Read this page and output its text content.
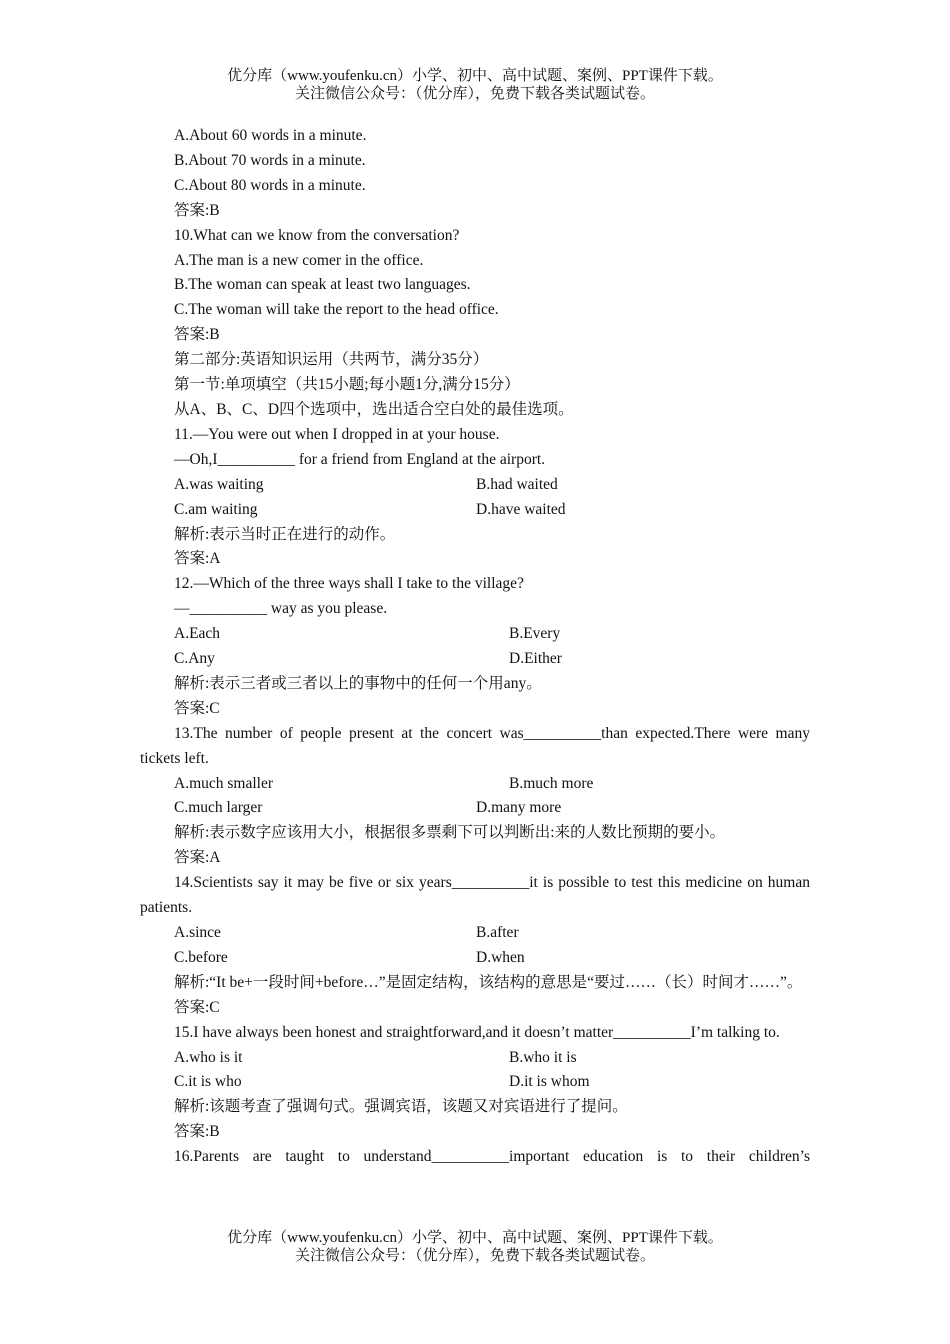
优分库（www.youfenku.cn）小学、初中、高中试题、案例、PPT课件下载。
关注微信公众号：（优分库），免费下载各类试题试卷。
A.About 60 words in a minute.
B.About 70 words in a minute.
C.About 80 words in a minute.
答案:B
10.What can we know from the conversation?
A.The man is a new comer in the office.
B.The woman can speak at least two languages.
C.The woman will take the report to the head office.
答案:B
第二部分:英语知识运用（共两节，满分35分）
第一节:单项填空（共15小题;每小题1分,满分15分）
从A、B、C、D四个选项中，选出适合空白处的最佳选项。
11.—You were out when I dropped in at your house.
—Oh,I__________ for a friend from England at the airport.
A.was waiting	B.had waited
C.am waiting	D.have waited
解析:表示当时正在进行的动作。
答案:A
12.—Which of the three ways shall I take to the village?
—__________ way as you please.
A.Each	B.Every
C.Any	D.Either
解析:表示三者或三者以上的事物中的任何一个用any。
答案:C
13.The number of people present at the concert was__________than expected.There were many tickets left.
A.much smaller	B.much more
C.much larger	D.many more
解析:表示数字应该用大小，根据很多票剩下可以判断出:来的人数比预期的要小。
答案:A
14.Scientists say it may be five or six years__________it is possible to test this medicine on human patients.
A.since	B.after
C.before	D.when
解析:“It be+一段时间+before…”是固定结构，该结构的意思是“要过……（长）时间才……”。
答案:C
15.I have always been honest and straightforward,and it doesn’t matter__________I’m talking to.
A.who is it	B.who it is
C.it is who	D.it is whom
解析:该题考查了强调句式。强调宾语，该题又对宾语进行了提问。
答案:B
16.Parents are taught to understand__________important education is to their children’s
优分库（www.youfenku.cn）小学、初中、高中试题、案例、PPT课件下载。
关注微信公众号：（优分库），免费下载各类试题试卷。
